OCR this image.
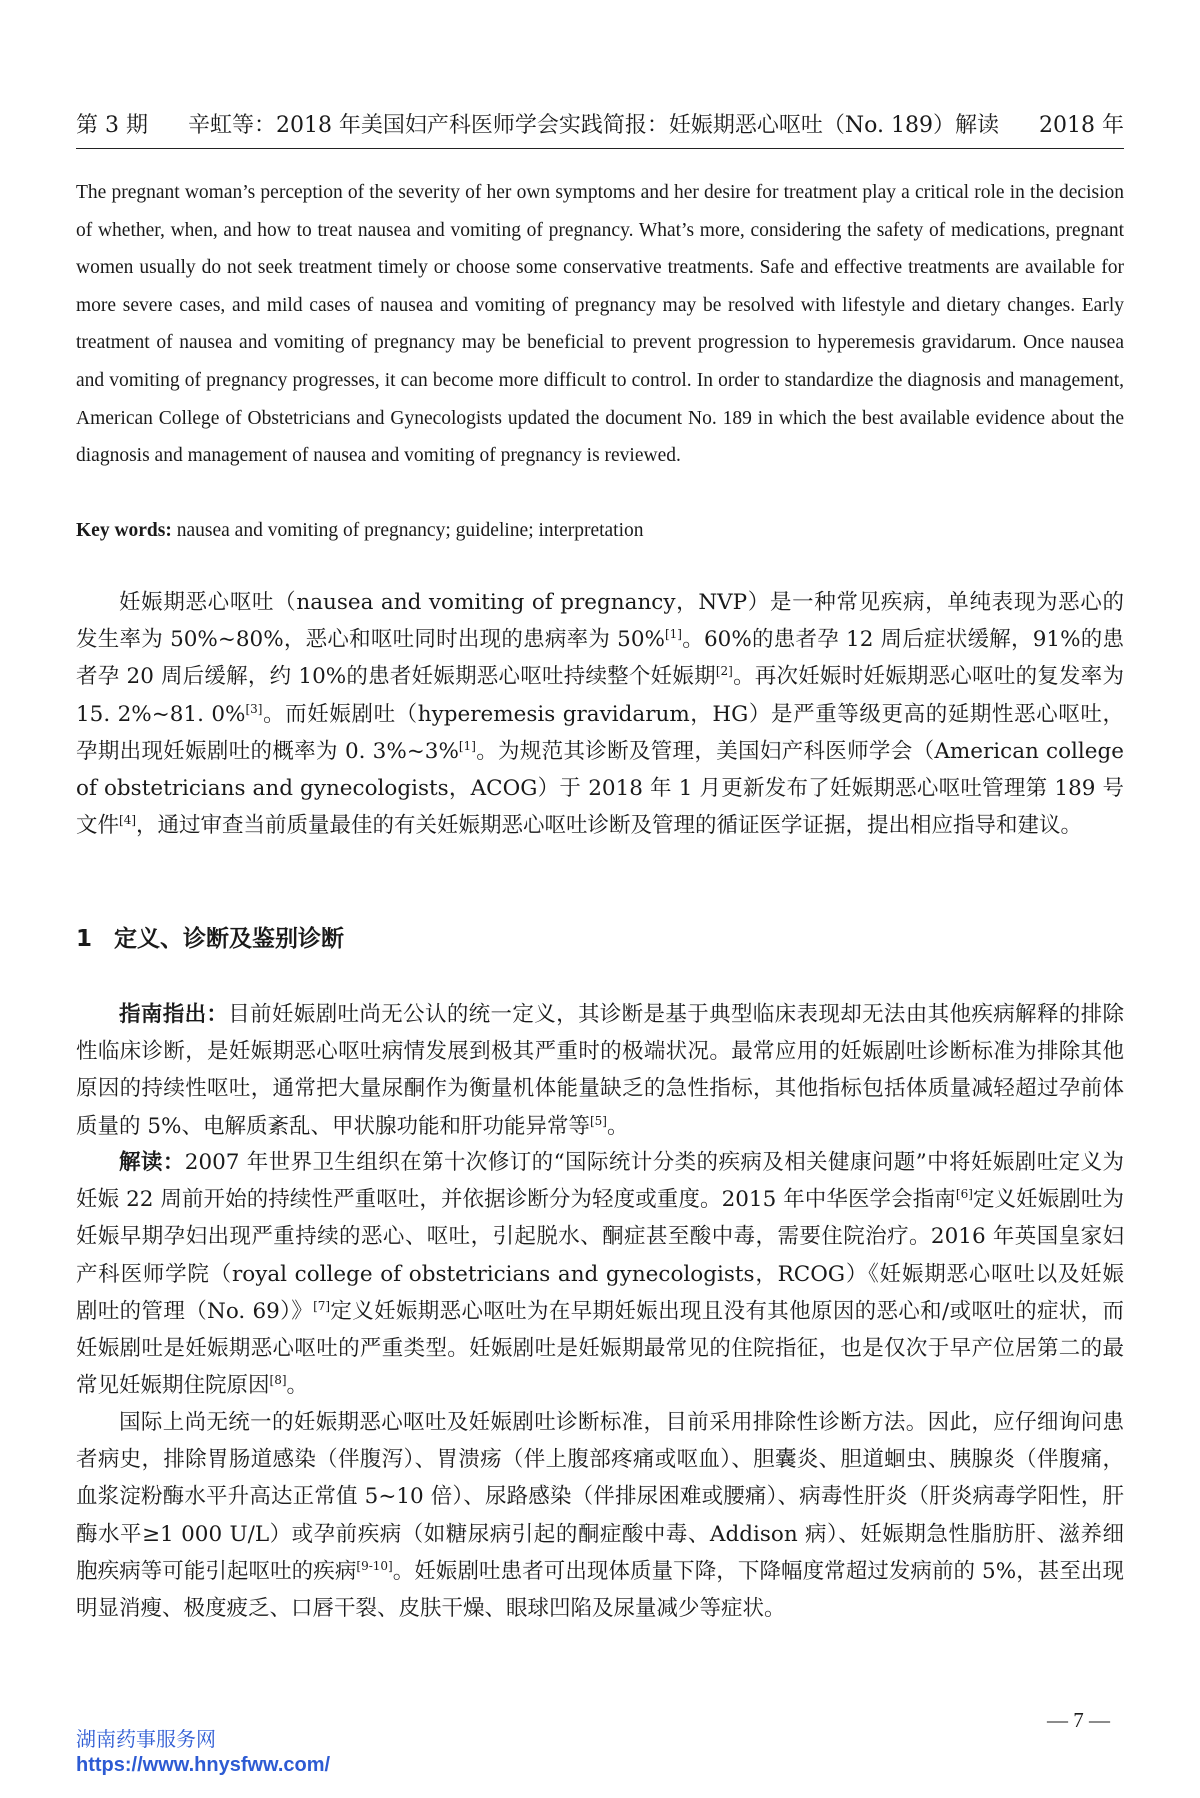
第 3 期 辛虹等：2018 年美国妇产科医师学会实践简报：妊娠期恶心呕吐（No. 189）解读 2018 年

The pregnant woman’s perception of the severity of her own symptoms and her desire for treatment play a critical role in the decision of whether, when, and how to treat nausea and vomiting of pregnancy. What’s more, considering the safety of medications, pregnant women usually do not seek treatment timely or choose some conservative treatments. Safe and effective treatments are available for more severe cases, and mild cases of nausea and vomiting of pregnancy may be resolved with lifestyle and dietary changes. Early treatment of nausea and vomiting of pregnancy may be beneficial to prevent progression to hyperemesis gravidarum. Once nausea and vomiting of pregnancy progresses, it can become more difficult to control. In order to standardize the diagnosis and management, American College of Obstetricians and Gynecologists updated the document No. 189 in which the best available evidence about the diagnosis and management of nausea and vomiting of pregnancy is reviewed.

Key words: nausea and vomiting of pregnancy; guideline; interpretation

妊娠期恶心呕吐（nausea and vomiting of pregnancy，NVP）是一种常见疾病，单纯表现为恶心的发生率为 50%~80%，恶心和呕吐同时出现的患病率为 50%[1]。60%的患者孕 12 周后症状缓解，91%的患者孕 20 周后缓解，约 10%的患者妊娠期恶心呕吐持续整个妊娠期[2]。再次妊娠时妊娠期恶心呕吐的复发率为 15. 2%~81. 0%[3]。而妊娠剧吐（hyperemesis gravidarum，HG）是严重等级更高的延期性恶心呕吐，孕期出现妊娠剧吐的概率为 0. 3%~3%[1]。为规范其诊断及管理，美国妇产科医师学会（American college of obstetricians and gynecologists，ACOG）于 2018 年 1 月更新发布了妊娠期恶心呕吐管理第 189 号文件[4]，通过审查当前质量最佳的有关妊娠期恶心呕吐诊断及管理的循证医学证据，提出相应指导和建议。

1 定义、诊断及鉴别诊断

指南指出：目前妊娠剧吐尚无公认的统一定义，其诊断是基于典型临床表现却无法由其他疾病解释的排除性临床诊断，是妊娠期恶心呕吐病情发展到极其严重时的极端状况。最常应用的妊娠剧吐诊断标准为排除其他原因的持续性呕吐，通常把大量尿酮作为衡量机体能量缺乏的急性指标，其他指标包括体质量减轻超过孕前体质量的 5%、电解质紊乱、甲状腺功能和肝功能异常等[5]。

解读：2007 年世界卫生组织在第十次修订的“国际统计分类的疾病及相关健康问题”中将妊娠剧吐定义为妊娠 22 周前开始的持续性严重呕吐，并依据诊断分为轻度或重度。2015 年中华医学会指南[6]定义妊娠剧吐为妊娠早期孕妇出现严重持续的恶心、呕吐，引起脱水、酮症甚至酸中毒，需要住院治疗。2016 年英国皇家妇产科医师学院（royal college of obstetricians and gynecologists，RCOG）《妊娠期恶心呕吐以及妊娠剧吐的管理（No. 69）》[7]定义妊娠期恶心呕吐为在早期妊娠出现且没有其他原因的恶心和/或呕吐的症状，而妊娠剧吐是妊娠期恶心呕吐的严重类型。妊娠剧吐是妊娠期最常见的住院指征，也是仅次于早产位居第二的最常见妊娠期住院原因[8]。

国际上尚无统一的妊娠期恶心呕吐及妊娠剧吐诊断标准，目前采用排除性诊断方法。因此，应仔细询问患者病史，排除胃肠道感染（伴腹泻）、胃溃疡（伴上腹部疼痛或呕血）、胆囊炎、胆道蛔虫、胰腺炎（伴腹痛，血浆淀粉酶水平升高达正常值 5~10 倍）、尿路感染（伴排尿困难或腰痛）、病毒性肝炎（肝炎病毒学阳性，肝酶水平≥1 000 U/L）或孕前疾病（如糖尿病引起的酮症酸中毒、Addison 病）、妊娠期急性脂肪肝、滋养细胞疾病等可能引起呕吐的疾病[9-10]。妊娠剧吐患者可出现体质量下降，下降幅度常超过发病前的 5%，甚至出现明显消瘦、极度疲乏、口唇干裂、皮肤干燥、眼球凹陷及尿量减少等症状。

— 7 —
湖南药事服务网
https://www.hnysfww.com/
